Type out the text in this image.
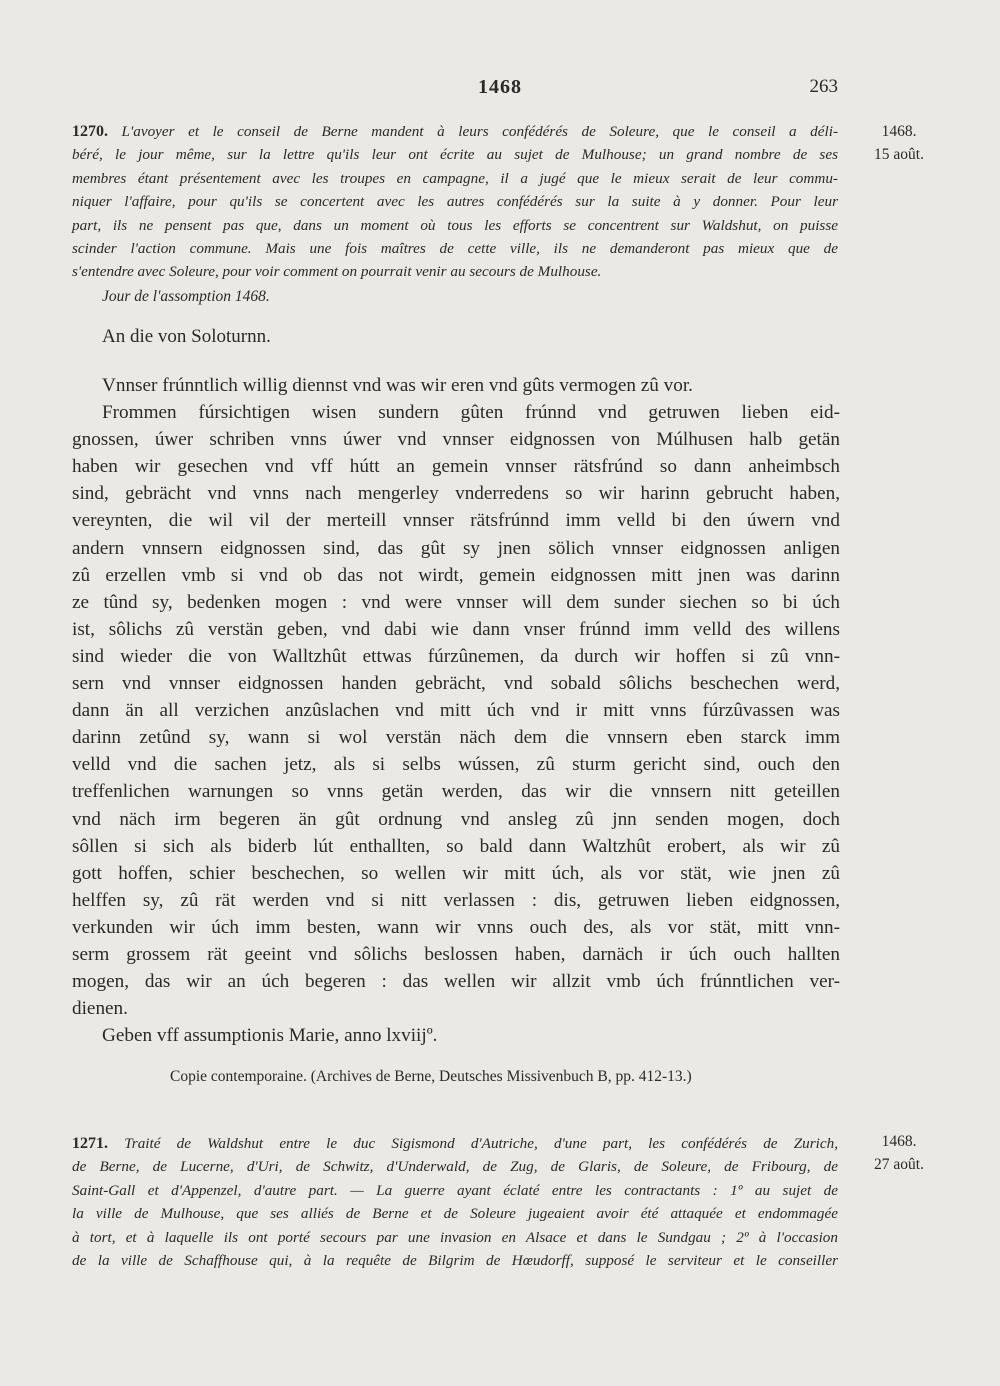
1468	263
1270. L'avoyer et le conseil de Berne mandent à leurs confédérés de Soleure, que le conseil a déli-
béré, le jour même, sur la lettre qu'ils leur ont écrite au sujet de Mulhouse; un grand nombre de ses
membres étant présentement avec les troupes en campagne, il a jugé que le mieux serait de leur commu-
niquer l'affaire, pour qu'ils se concertent avec les autres confédérés sur la suite à y donner. Pour leur
part, ils ne pensent pas que, dans un moment où tous les efforts se concentrent sur Waldshut, on puisse
scinder l'action commune. Mais une fois maîtres de cette ville, ils ne demanderont pas mieux que de
s'entendre avec Soleure, pour voir comment on pourrait venir au secours de Mulhouse.
1468.
15 août.
Jour de l'assomption 1468.
An die von Soloturnn.
Vnnser frúnntlich willig diennst vnd was wir eren vnd gûts vermogen zû vor.
Frommen fúrsichtigen wisen sundern gûten frúnnd vnd getruwen lieben eid-
gnossen, úwer schriben vnns úwer vnd vnnser eidgnossen von Múlhusen halb getän
haben wir gesechen vnd vff hútt an gemein vnnser rätsfrúnd so dann anheimbsch
sind, gebrächt vnd vnns nach mengerley vnderredens so wir harinn gebrucht haben,
vereynten, die wil vil der merteill vnnser rätsfrúnnd imm velld bi den úwern vnd
andern vnnsern eidgnossen sind, das gût sy jnen sölich vnnser eidgnossen anligen
zû erzellen vmb si vnd ob das not wirdt, gemein eidgnossen mitt jnen was darinn
ze tûnd sy, bedenken mogen : vnd were vnnser will dem sunder siechen so bi úch
ist, sôlichs zû verstän geben, vnd dabi wie dann vnser frúnnd imm velld des willens
sind wieder die von Walltzhût ettwas fúrzûnemen, da durch wir hoffen si zû vnn-
sern vnd vnnser eidgnossen handen gebrächt, vnd sobald sôlichs beschechen werd,
dann än all verzichen anzûslachen vnd mitt úch vnd ir mitt vnns fúrzûvassen was
darinn zetûnd sy, wann si wol verstän näch dem die vnnsern eben starck imm
velld vnd die sachen jetz, als si selbs wússen, zû sturm gericht sind, ouch den
treffenlichen warnungen so vnns getän werden, das wir die vnnsern nitt geteillen
vnd näch irm begeren än gût ordnung vnd ansleg zû jnn senden mogen, doch
sôllen si sich als biderb lút enthallten, so bald dann Waltzhût erobert, als wir zû
gott hoffen, schier beschechen, so wellen wir mitt úch, als vor stät, wie jnen zû
helffen sy, zû rät werden vnd si nitt verlassen : dis, getruwen lieben eidgnossen,
verkunden wir úch imm besten, wann wir vnns ouch des, als vor stät, mitt vnn-
serm grossem rät geeint vnd sôlichs beslossen haben, darnäch ir úch ouch hallten
mogen, das wir an úch begeren : das wellen wir allzit vmb úch frúnntlichen ver-
dienen.
Geben vff assumptionis Marie, anno lxviijº.
Copie contemporaine. (Archives de Berne, Deutsches Missivenbuch B, pp. 412-13.)
1271. Traité de Waldshut entre le duc Sigismond d'Autriche, d'une part, les confédérés de Zurich,
de Berne, de Lucerne, d'Uri, de Schwitz, d'Underwald, de Zug, de Glaris, de Soleure, de Fribourg, de
Saint-Gall et d'Appenzel, d'autre part. — La guerre ayant éclaté entre les contractants : 1º au sujet de
la ville de Mulhouse, que ses alliés de Berne et de Soleure jugeaient avoir été attaquée et endommagée
à tort, et à laquelle ils ont porté secours par une invasion en Alsace et dans le Sundgau ; 2º à l'occasion
de la ville de Schaffhouse qui, à la requête de Bilgrim de Hœudorff, supposé le serviteur et le conseiller
1468.
27 août.
